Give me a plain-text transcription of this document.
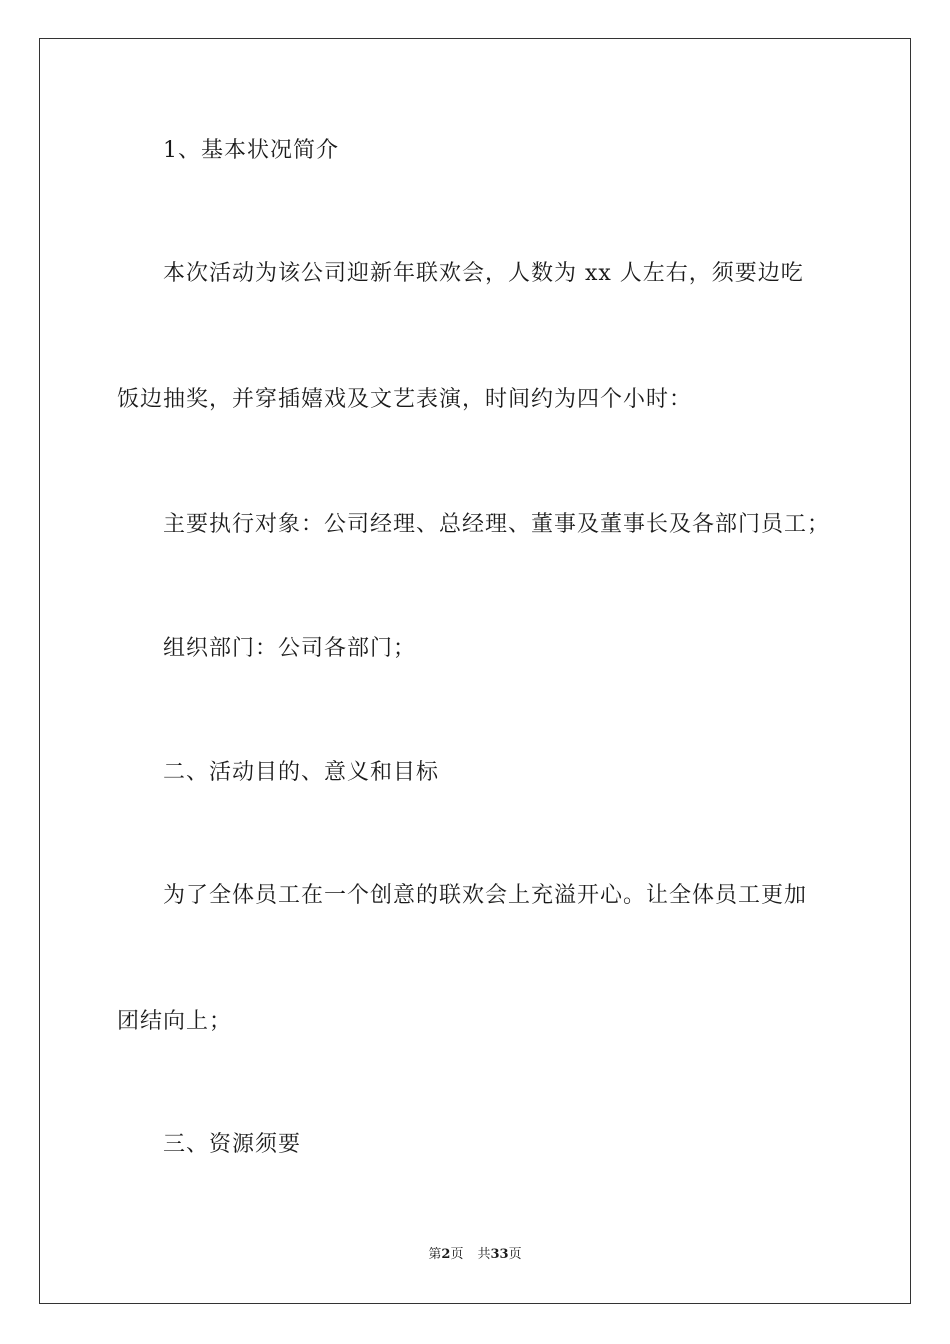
1、基本状况简介
本次活动为该公司迎新年联欢会，人数为 xx 人左右，须要边吃
饭边抽奖，并穿插嬉戏及文艺表演，时间约为四个小时：
主要执行对象：公司经理、总经理、董事及董事长及各部门员工；
组织部门：公司各部门；
二、活动目的、意义和目标
为了全体员工在一个创意的联欢会上充溢开心。让全体员工更加
团结向上；
三、资源须要
第2页 共33页
